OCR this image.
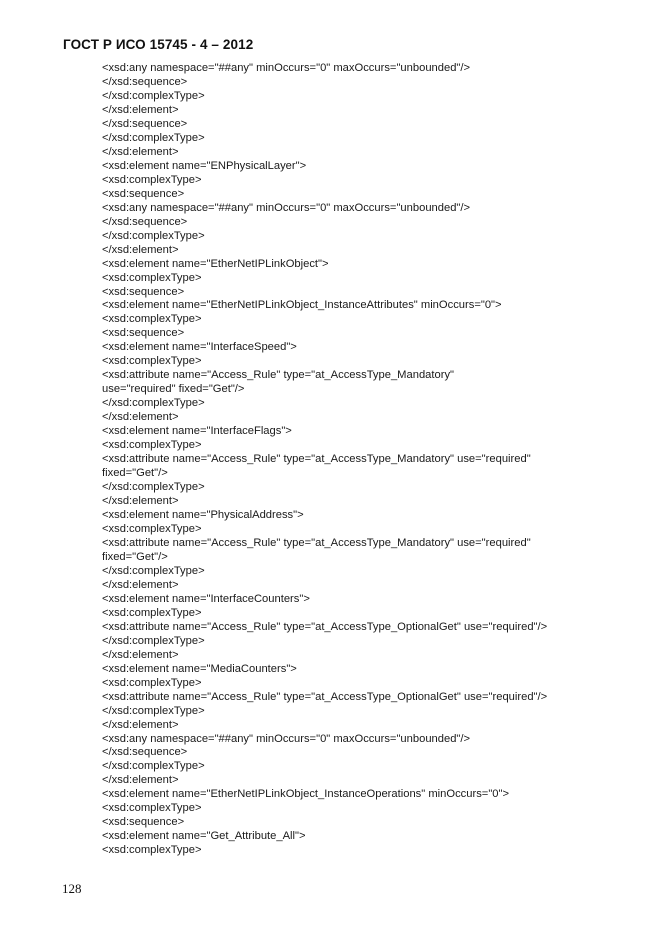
ГОСТ Р ИСО 15745 - 4 – 2012
<xsd:any namespace="##any" minOccurs="0" maxOccurs="unbounded"/>
</xsd:sequence>
</xsd:complexType>
</xsd:element>
</xsd:sequence>
</xsd:complexType>
</xsd:element>
<xsd:element name="ENPhysicalLayer">
<xsd:complexType>
<xsd:sequence>
<xsd:any namespace="##any" minOccurs="0" maxOccurs="unbounded"/>
</xsd:sequence>
</xsd:complexType>
</xsd:element>
<xsd:element name="EtherNetIPLinkObject">
<xsd:complexType>
<xsd:sequence>
<xsd:element name="EtherNetIPLinkObject_InstanceAttributes" minOccurs="0">
<xsd:complexType>
<xsd:sequence>
<xsd:element name="InterfaceSpeed">
<xsd:complexType>
<xsd:attribute name="Access_Rule" type="at_AccessType_Mandatory"
use="required" fixed="Get"/>
</xsd:complexType>
</xsd:element>
<xsd:element name="InterfaceFlags">
<xsd:complexType>
<xsd:attribute name="Access_Rule" type="at_AccessType_Mandatory" use="required"
fixed="Get"/>
</xsd:complexType>
</xsd:element>
<xsd:element name="PhysicalAddress">
<xsd:complexType>
<xsd:attribute name="Access_Rule" type="at_AccessType_Mandatory" use="required"
fixed="Get"/>
</xsd:complexType>
</xsd:element>
<xsd:element name="InterfaceCounters">
<xsd:complexType>
<xsd:attribute name="Access_Rule" type="at_AccessType_OptionalGet" use="required"/>
</xsd:complexType>
</xsd:element>
<xsd:element name="MediaCounters">
<xsd:complexType>
<xsd:attribute name="Access_Rule" type="at_AccessType_OptionalGet" use="required"/>
</xsd:complexType>
</xsd:element>
<xsd:any namespace="##any" minOccurs="0" maxOccurs="unbounded"/>
</xsd:sequence>
</xsd:complexType>
</xsd:element>
<xsd:element name="EtherNetIPLinkObject_InstanceOperations" minOccurs="0">
<xsd:complexType>
<xsd:sequence>
<xsd:element name="Get_Attribute_All">
<xsd:complexType>
128
